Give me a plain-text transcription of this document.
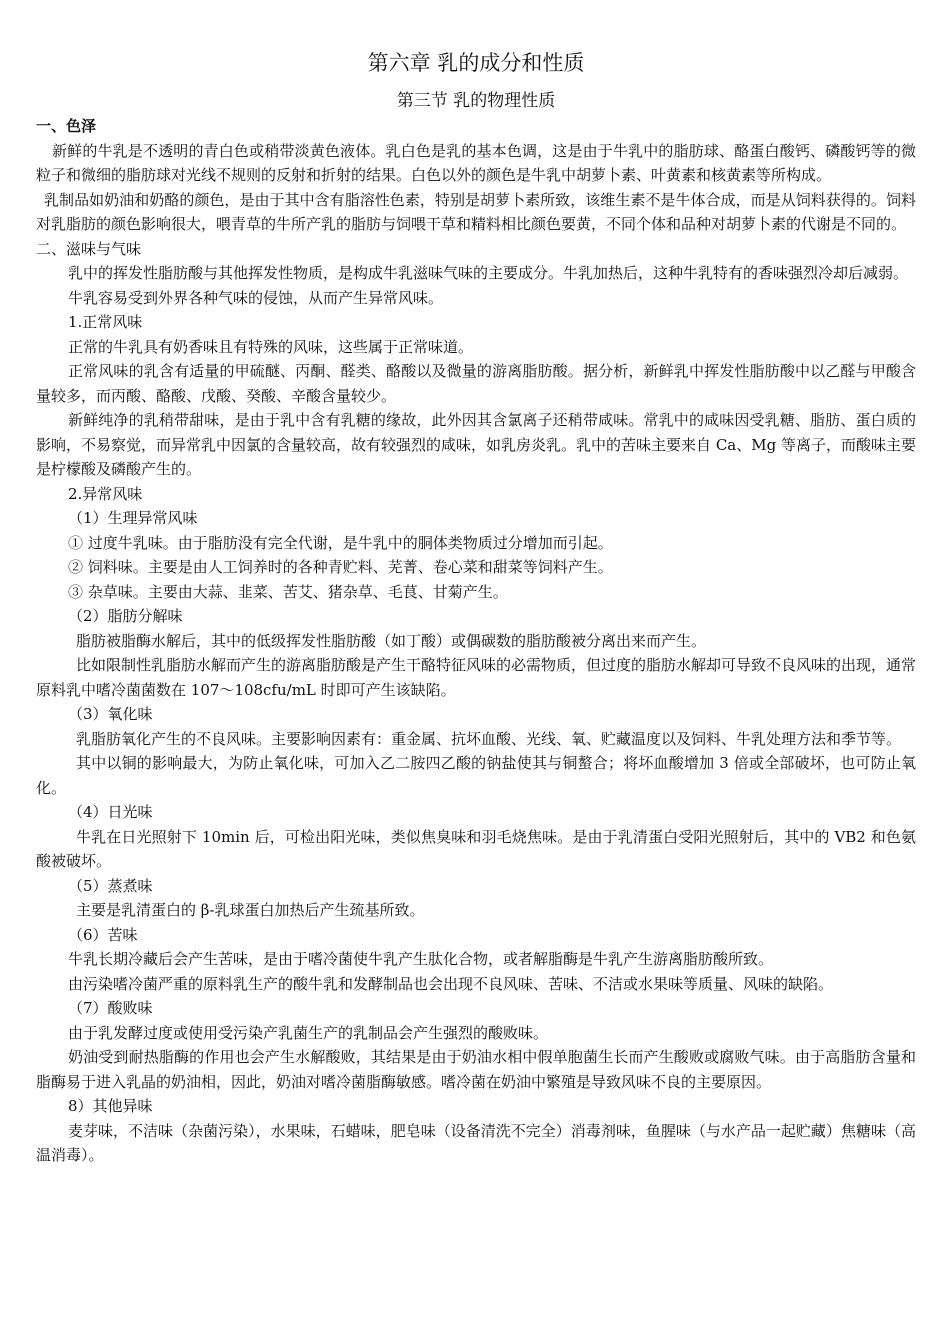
第六章 乳的成分和性质
第三节 乳的物理性质

一、色泽

新鲜的牛乳是不透明的青白色或稍带淡黄色液体。乳白色是乳的基本色调，这是由于牛乳中的脂肪球、酪蛋白酸钙、磷酸钙等的微粒子和微细的脂肪球对光线不规则的反射和折射的结果。白色以外的颜色是牛乳中胡萝卜素、叶黄素和核黄素等所构成。

乳制品如奶油和奶酪的颜色，是由于其中含有脂溶性色素，特别是胡萝卜素所致，该维生素不是牛体合成，而是从饲料获得的。饲料对乳脂肪的颜色影响很大，喂青草的牛所产乳的脂肪与饲喂干草和精料相比颜色要黄，不同个体和品种对胡萝卜素的代谢是不同的。

二、滋味与气味

乳中的挥发性脂肪酸与其他挥发性物质，是构成牛乳滋味气味的主要成分。牛乳加热后，这种牛乳特有的香味强烈冷却后减弱。

牛乳容易受到外界各种气味的侵蚀，从而产生异常风味。

1.正常风味

正常的牛乳具有奶香味且有特殊的风味，这些属于正常味道。

正常风味的乳含有适量的甲硫醚、丙酮、醛类、酪酸以及微量的游离脂肪酸。据分析，新鲜乳中挥发性脂肪酸中以乙醛与甲酸含量较多，而丙酸、酪酸、戊酸、癸酸、辛酸含量较少。

新鲜纯净的乳稍带甜味，是由于乳中含有乳糖的缘故，此外因其含氯离子还稍带咸味。常乳中的咸味因受乳糖、脂肪、蛋白质的影响，不易察觉，而异常乳中因氯的含量较高，故有较强烈的咸味，如乳房炎乳。乳中的苦味主要来自 Ca、Mg 等离子，而酸味主要是柠檬酸及磷酸产生的。

2.异常风味

（1）生理异常风味

① 过度牛乳味。由于脂肪没有完全代谢，是牛乳中的胴体类物质过分增加而引起。

② 饲料味。主要是由人工饲养时的各种青贮料、芜菁、卷心菜和甜菜等饲料产生。

③ 杂草味。主要由大蒜、韭菜、苦艾、猪杂草、毛茛、甘菊产生。

（2）脂肪分解味

脂肪被脂酶水解后，其中的低级挥发性脂肪酸（如丁酸）或偶碳数的脂肪酸被分离出来而产生。

比如限制性乳脂肪水解而产生的游离脂肪酸是产生干酪特征风味的必需物质，但过度的脂肪水解却可导致不良风味的出现，通常原料乳中嗜冷菌菌数在 107～108cfu/mL 时即可产生该缺陷。

（3）氧化味

乳脂肪氧化产生的不良风味。主要影响因素有：重金属、抗坏血酸、光线、氧、贮藏温度以及饲料、牛乳处理方法和季节等。

其中以铜的影响最大，为防止氧化味，可加入乙二胺四乙酸的钠盐使其与铜螯合；将坏血酸增加 3 倍或全部破坏，也可防止氧化。

（4）日光味

牛乳在日光照射下 10min 后，可检出阳光味，类似焦臭味和羽毛烧焦味。是由于乳清蛋白受阳光照射后，其中的 VB2 和色氨酸被破坏。

（5）蒸煮味

主要是乳清蛋白的 β-乳球蛋白加热后产生巯基所致。

（6）苦味

牛乳长期冷藏后会产生苦味，是由于嗜冷菌使牛乳产生肽化合物，或者解脂酶是牛乳产生游离脂肪酸所致。

由污染嗜冷菌严重的原料乳生产的酸牛乳和发酵制品也会出现不良风味、苦味、不洁或水果味等质量、风味的缺陷。

（7）酸败味

由于乳发酵过度或使用受污染产乳菌生产的乳制品会产生强烈的酸败味。

奶油受到耐热脂酶的作用也会产生水解酸败，其结果是由于奶油水相中假单胞菌生长而产生酸败或腐败气味。由于高脂肪含量和脂酶易于进入乳晶的奶油相，因此，奶油对嗜冷菌脂酶敏感。嗜冷菌在奶油中繁殖是导致风味不良的主要原因。

8）其他异味

麦芽味，不洁味（杂菌污染），水果味，石蜡味，肥皂味（设备清洗不完全）消毒剂味，鱼腥味（与水产品一起贮藏）焦糖味（高温消毒）。
